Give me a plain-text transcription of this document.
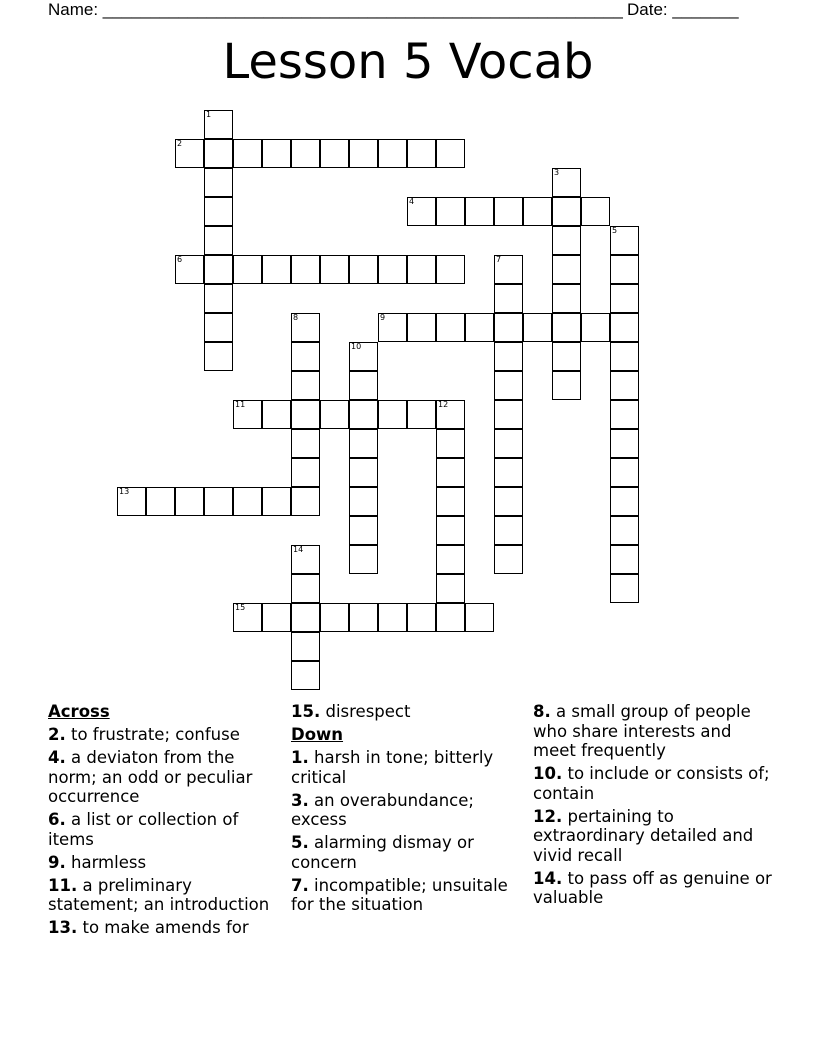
Name: _______________________________________________________ Date: _______
Lesson 5 Vocab
1
2
3
4
5
6	7
8	9
10
11	12
13
14
15
Across
2. to frustrate; confuse
4. a deviaton from the norm; an odd or peculiar occurrence
6. a list or collection of items
9. harmless
11. a preliminary statement; an introduction
13. to make amends for
15. disrespect
Down
1. harsh in tone; bitterly critical
3. an overabundance; excess
5. alarming dismay or concern
7. incompatible; unsuitale for the situation
8. a small group of people who share interests and meet frequently
10. to include or consists of; contain
12. pertaining to extraordinary detailed and vivid recall
14. to pass off as genuine or valuable
